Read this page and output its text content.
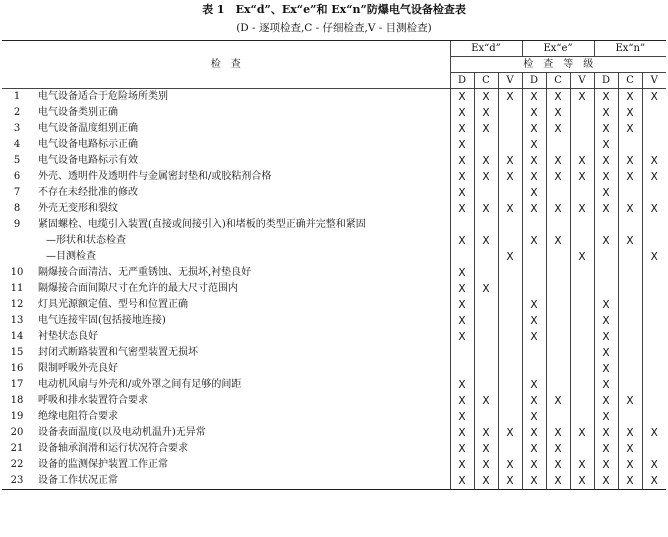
表 1　Ex“d”、Ex“e”和 Ex“n”防爆电气设备检查表
(D - 逐项检查,C - 仔细检查,V - 目测检查)
检　查		Ex“d”			Ex“e”			Ex“n”		
		检　查　等　级								
		D	C	V	D	C	V	D	C	V
1	电气设备适合于危险场所类别	X	X	X	X	X	X	X	X	X
2	电气设备类别正确	X	X		X	X		X	X	
3	电气设备温度组别正确	X	X		X	X		X	X	
4	电气设备电路标示正确	X			X			X		
5	电气设备电路标示有效	X	X	X	X	X	X	X	X	X
6	外壳、透明件及透明件与金属密封垫和/或胶粘剂合格	X	X	X	X	X	X	X	X	X
7	不存在未经批准的修改	X			X			X		
8	外壳无变形和裂纹	X	X	X	X	X	X	X	X	X
9	紧固螺栓、电缆引入装置(直接或间接引入)和堵板的类型正确并完整和紧固									
	—形状和状态检查	X	X		X	X		X	X	
	—目测检查			X			X			X
10	隔爆接合面清洁、无严重锈蚀、无损坏,衬垫良好	X								
11	隔爆接合面间隙尺寸在允许的最大尺寸范围内	X	X							
12	灯具光源额定值、型号和位置正确	X			X			X		
13	电气连接牢固(包括接地连接)	X			X			X		
14	衬垫状态良好	X			X			X		
15	封闭式断路装置和气密型装置无损坏							X		
16	限制呼吸外壳良好							X		
17	电动机风扇与外壳和/或外罩之间有足够的间距	X			X			X		
18	呼吸和排水装置符合要求	X	X		X	X		X	X	
19	绝缘电阻符合要求	X			X			X		
20	设备表面温度(以及电动机温升)无异常	X	X	X	X	X	X	X	X	X
21	设备轴承润滑和运行状况符合要求	X	X		X	X		X	X	
22	设备的监测保护装置工作正常	X	X	X	X	X	X	X	X	X
23	设备工作状况正常	X	X	X	X	X	X	X	X	X
